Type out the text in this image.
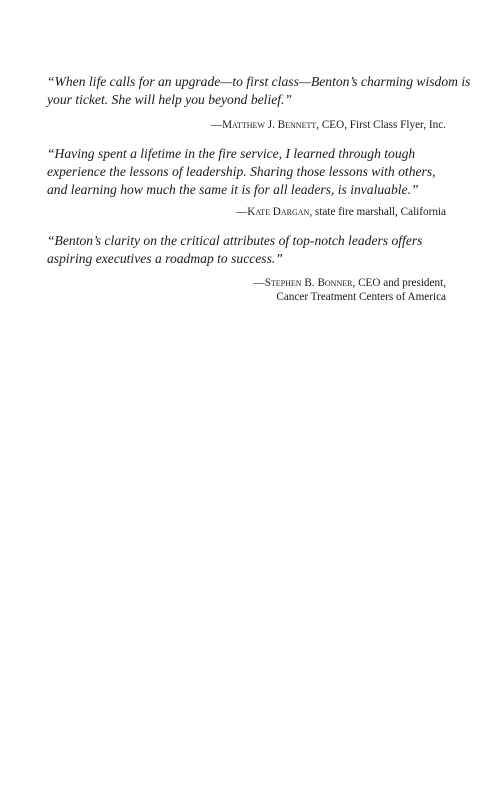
“When life calls for an upgrade—to first class—Benton’s charming wisdom is
your ticket. She will help you beyond belief.”

—Matthew J. Bennett, CEO, First Class Flyer, Inc.

“Having spent a lifetime in the fire service, I learned through tough
experience the lessons of leadership. Sharing those lessons with others,
and learning how much the same it is for all leaders, is invaluable.”

—Kate Dargan, state fire marshall, California

“Benton’s clarity on the critical attributes of top-notch leaders offers
aspiring executives a roadmap to success.”

—Stephen B. Bonner, CEO and president,
Cancer Treatment Centers of America
